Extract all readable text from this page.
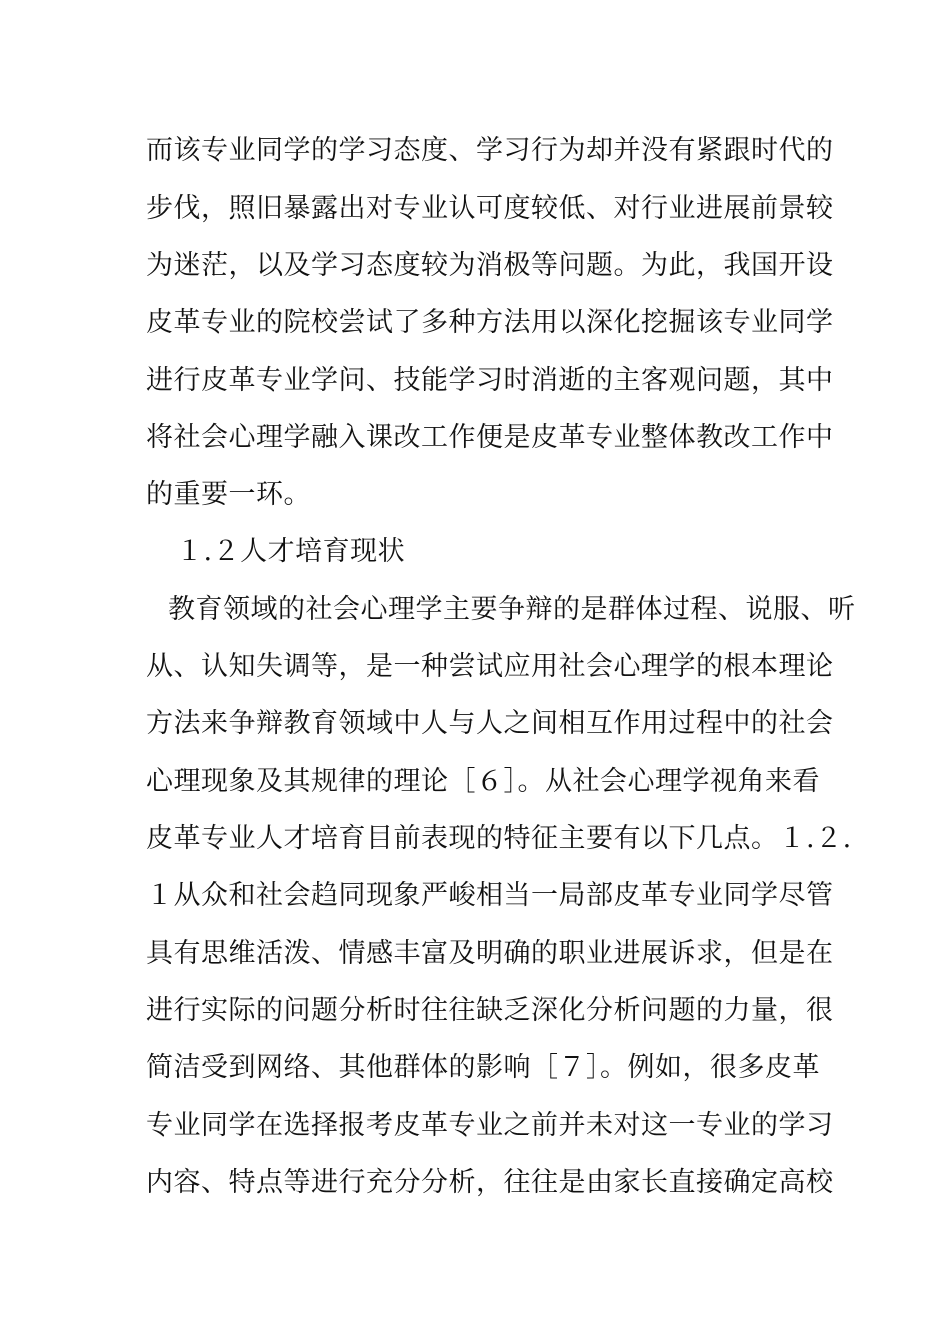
而该专业同学的学习态度、学习行为却并没有紧跟时代的
步伐，照旧暴露出对专业认可度较低、对行业进展前景较
为迷茫，以及学习态度较为消极等问题。为此，我国开设
皮革专业的院校尝试了多种方法用以深化挖掘该专业同学
进行皮革专业学问、技能学习时消逝的主客观问题，其中
将社会心理学融入课改工作便是皮革专业整体教改工作中
的重要一环。
１.２人才培育现状
教育领域的社会心理学主要争辩的是群体过程、说服、听
从、认知失调等，是一种尝试应用社会心理学的根本理论
方法来争辩教育领域中人与人之间相互作用过程中的社会
心理现象及其规律的理论［６］。从社会心理学视角来看
皮革专业人才培育目前表现的特征主要有以下几点。１.２.
１从众和社会趋同现象严峻相当一局部皮革专业同学尽管
具有思维活泼、情感丰富及明确的职业进展诉求，但是在
进行实际的问题分析时往往缺乏深化分析问题的力量，很
简洁受到网络、其他群体的影响［７］。例如，很多皮革
专业同学在选择报考皮革专业之前并未对这一专业的学习
内容、特点等进行充分分析，往往是由家长直接确定高校
